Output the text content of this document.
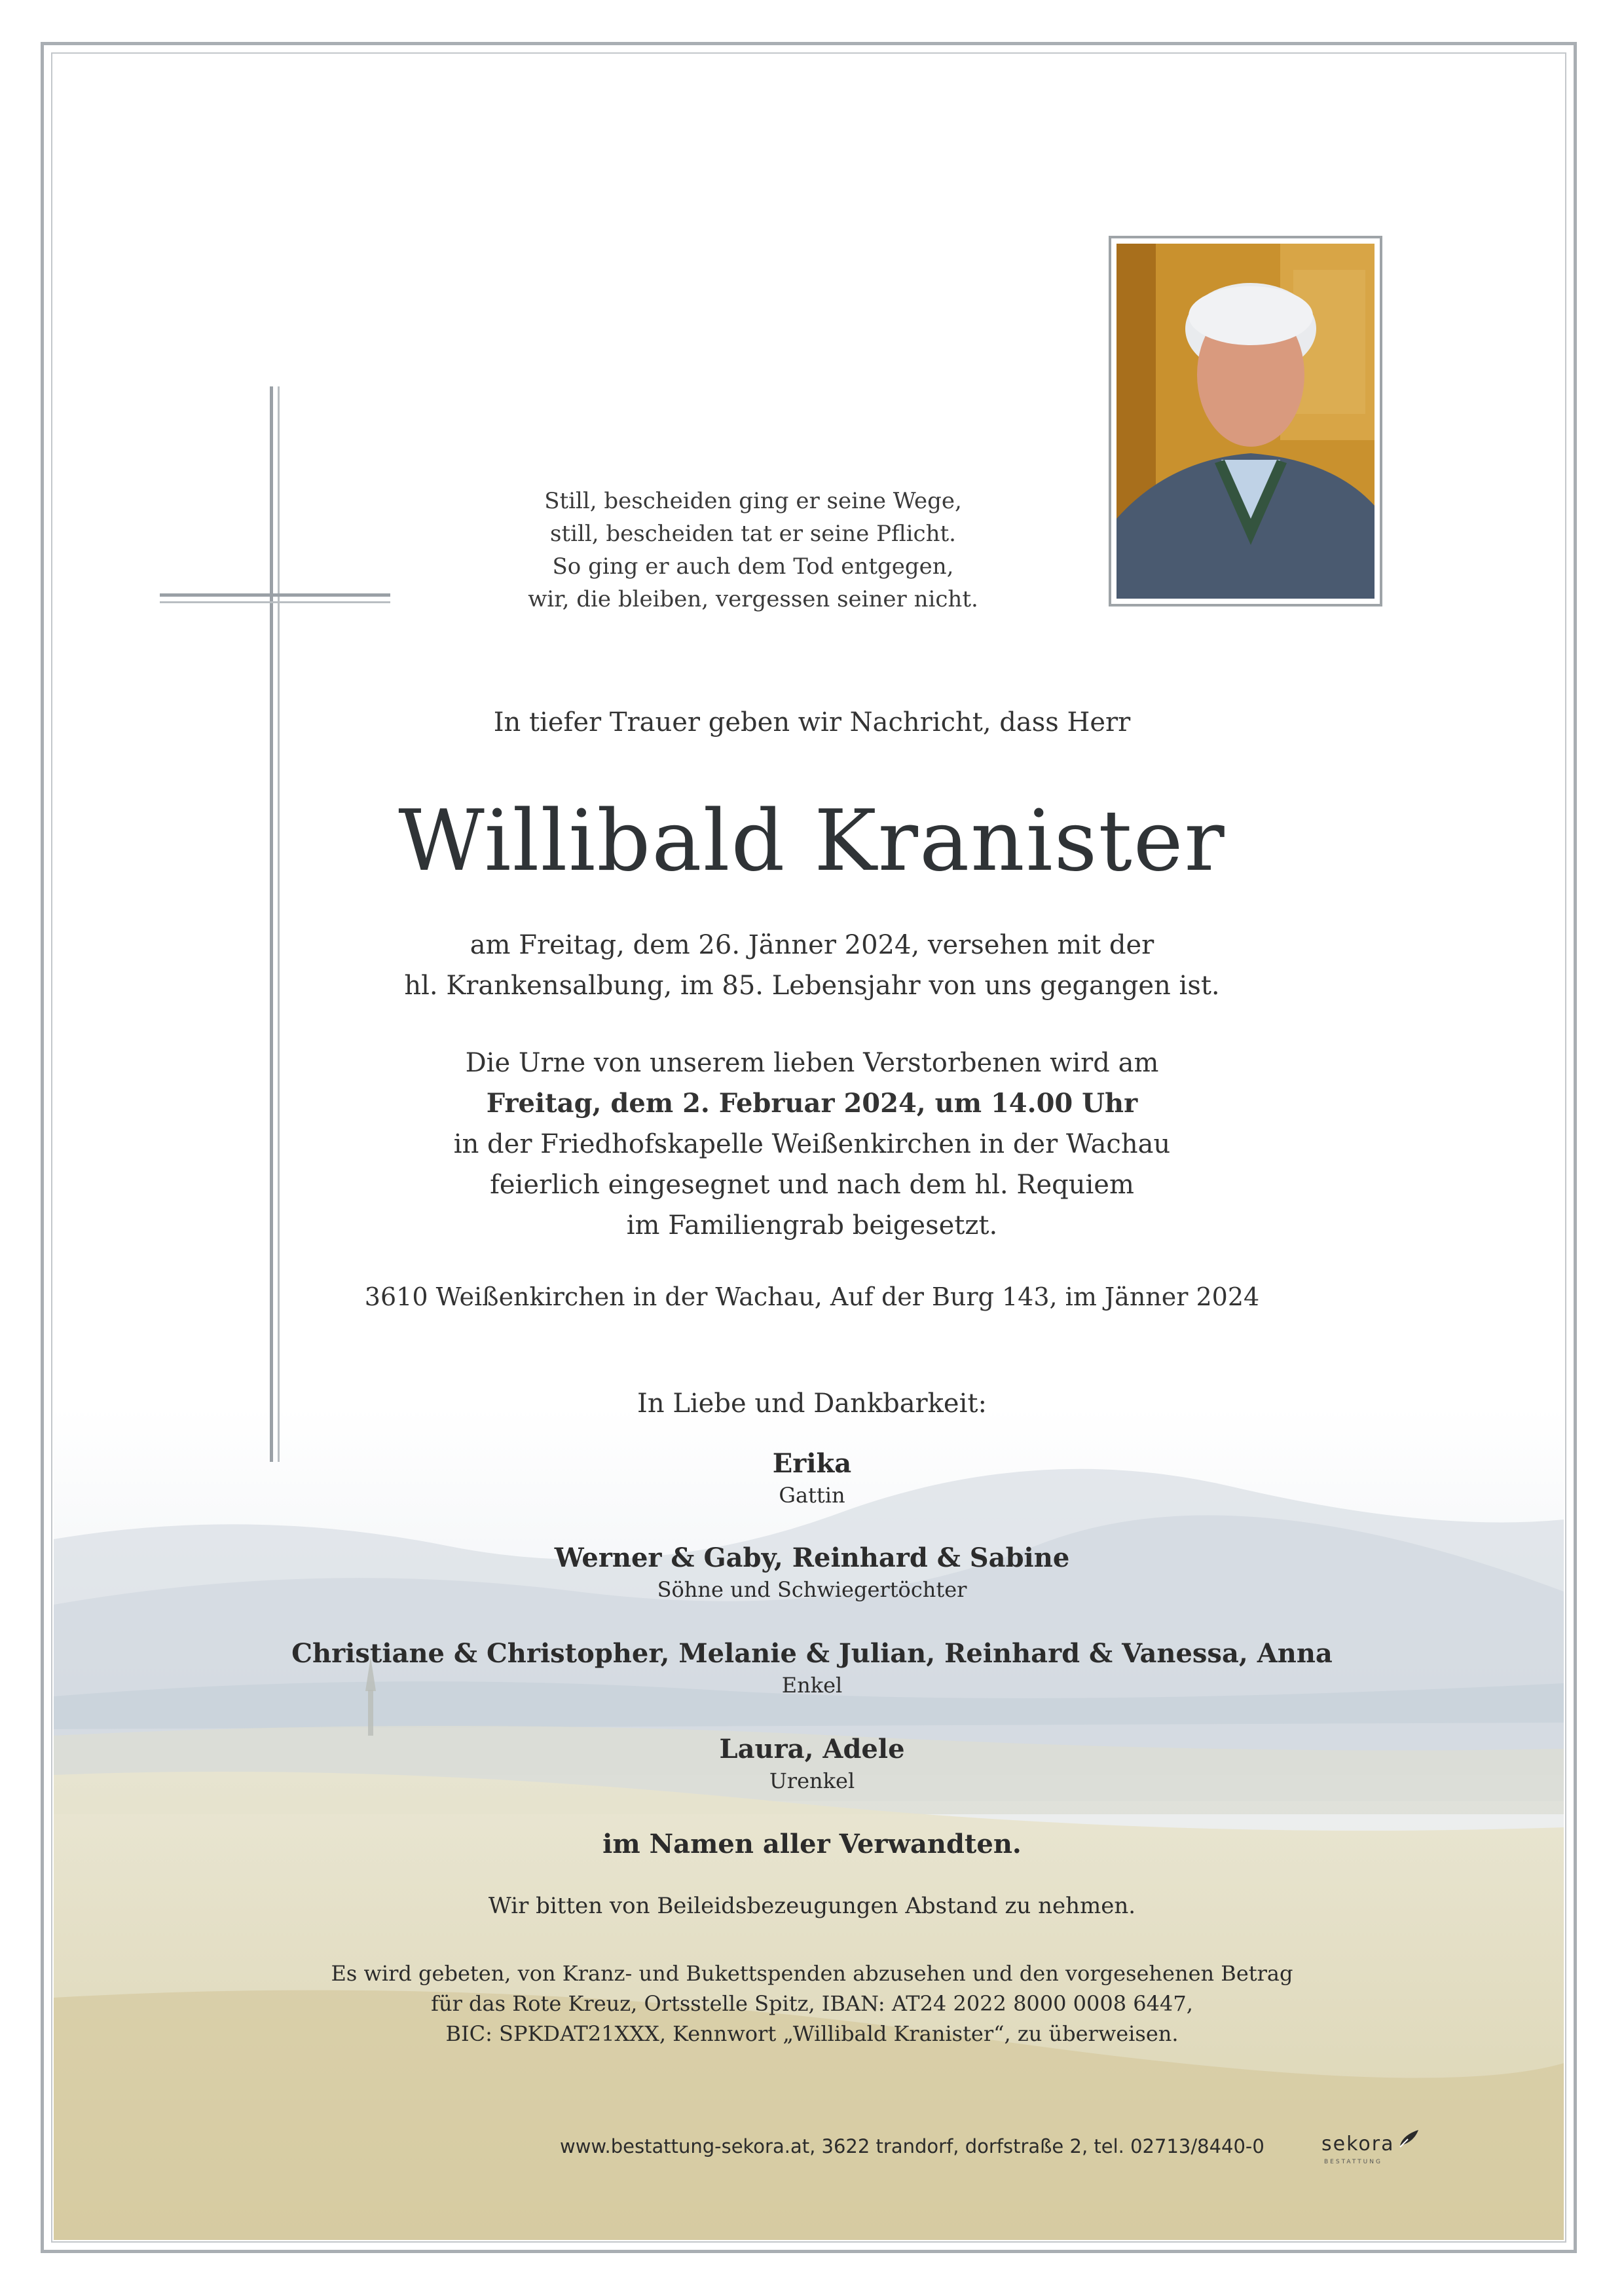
Still, bescheiden ging er seine Wege,
still, bescheiden tat er seine Pflicht.
So ging er auch dem Tod entgegen,
wir, die bleiben, vergessen seiner nicht.
In tiefer Trauer geben wir Nachricht, dass Herr
Willibald Kranister
am Freitag, dem 26. Jänner 2024, versehen mit der
hl. Krankensalbung, im 85. Lebensjahr von uns gegangen ist.
Die Urne von unserem lieben Verstorbenen wird am
Freitag, dem 2. Februar 2024, um 14.00 Uhr
in der Friedhofskapelle Weißenkirchen in der Wachau
feierlich eingesegnet und nach dem hl. Requiem
im Familiengrab beigesetzt.
3610 Weißenkirchen in der Wachau, Auf der Burg 143, im Jänner 2024
In Liebe und Dankbarkeit:
Erika
Gattin
Werner & Gaby, Reinhard & Sabine
Söhne und Schwiegertöchter
Christiane & Christopher, Melanie & Julian, Reinhard & Vanessa, Anna
Enkel
Laura, Adele
Urenkel
im Namen aller Verwandten.
Wir bitten von Beileidsbezeugungen Abstand zu nehmen.
Es wird gebeten, von Kranz- und Bukettspenden abzusehen und den vorgesehenen Betrag
für das Rote Kreuz, Ortsstelle Spitz, IBAN: AT24 2022 8000 0008 6447,
BIC: SPKDAT21XXX, Kennwort „Willibald Kranister“, zu überweisen.
www.bestattung-sekora.at, 3622 trandorf, dorfstraße 2, tel. 02713/8440-0	sekora
BESTATTUNG
